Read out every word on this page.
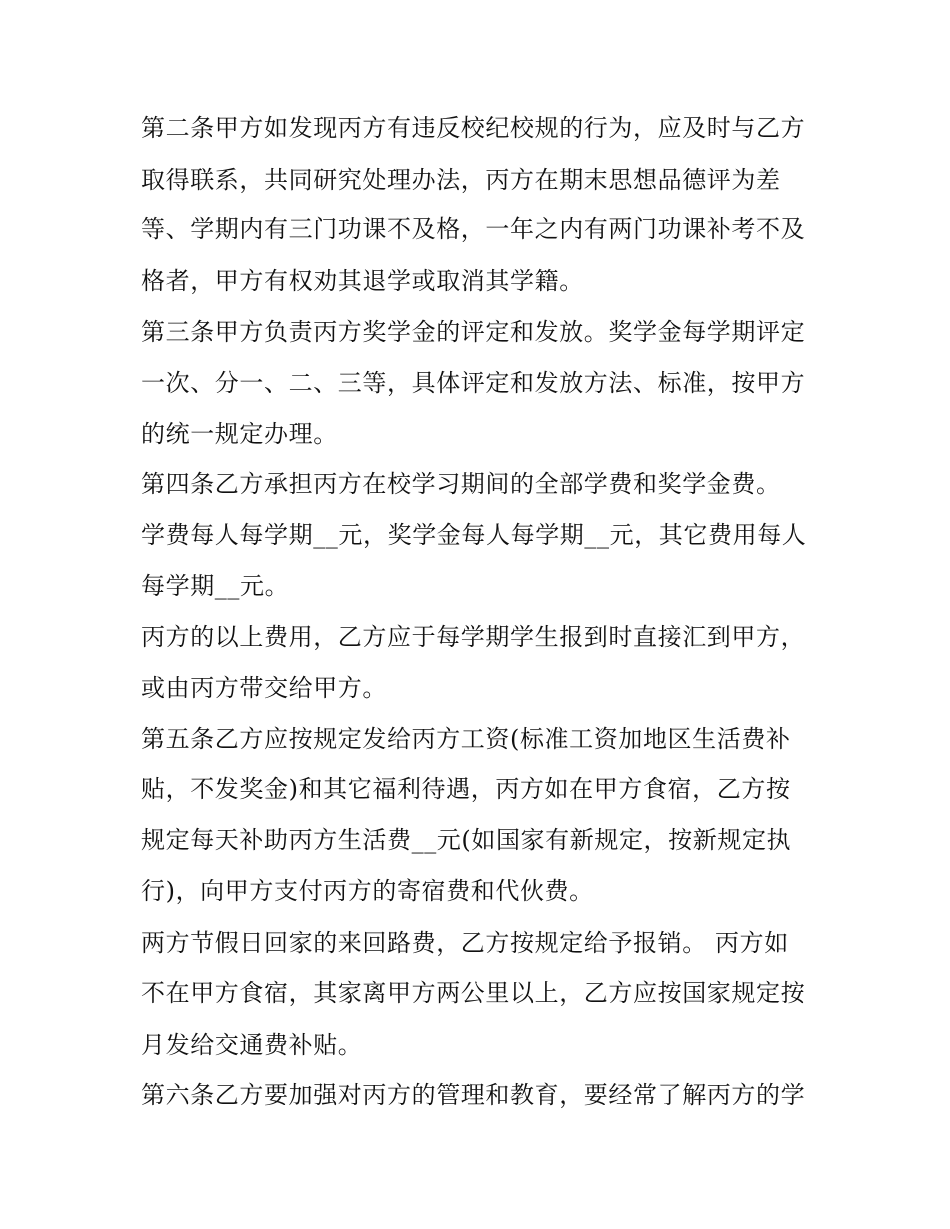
第二条甲方如发现丙方有违反校纪校规的行为，应及时与乙方
取得联系，共同研究处理办法，丙方在期末思想品德评为差
等、学期内有三门功课不及格，一年之内有两门功课补考不及
格者，甲方有权劝其退学或取消其学籍。
第三条甲方负责丙方奖学金的评定和发放。奖学金每学期评定
一次、分一、二、三等，具体评定和发放方法、标准，按甲方
的统一规定办理。
第四条乙方承担丙方在校学习期间的全部学费和奖学金费。
学费每人每学期__元，奖学金每人每学期__元，其它费用每人
每学期__元。
丙方的以上费用，乙方应于每学期学生报到时直接汇到甲方，
或由丙方带交给甲方。
第五条乙方应按规定发给丙方工资(标准工资加地区生活费补
贴，不发奖金)和其它福利待遇，丙方如在甲方食宿，乙方按
规定每天补助丙方生活费__元(如国家有新规定，按新规定执
行)，向甲方支付丙方的寄宿费和代伙费。
两方节假日回家的来回路费，乙方按规定给予报销。 丙方如
不在甲方食宿，其家离甲方两公里以上，乙方应按国家规定按
月发给交通费补贴。
第六条乙方要加强对丙方的管理和教育，要经常了解丙方的学
